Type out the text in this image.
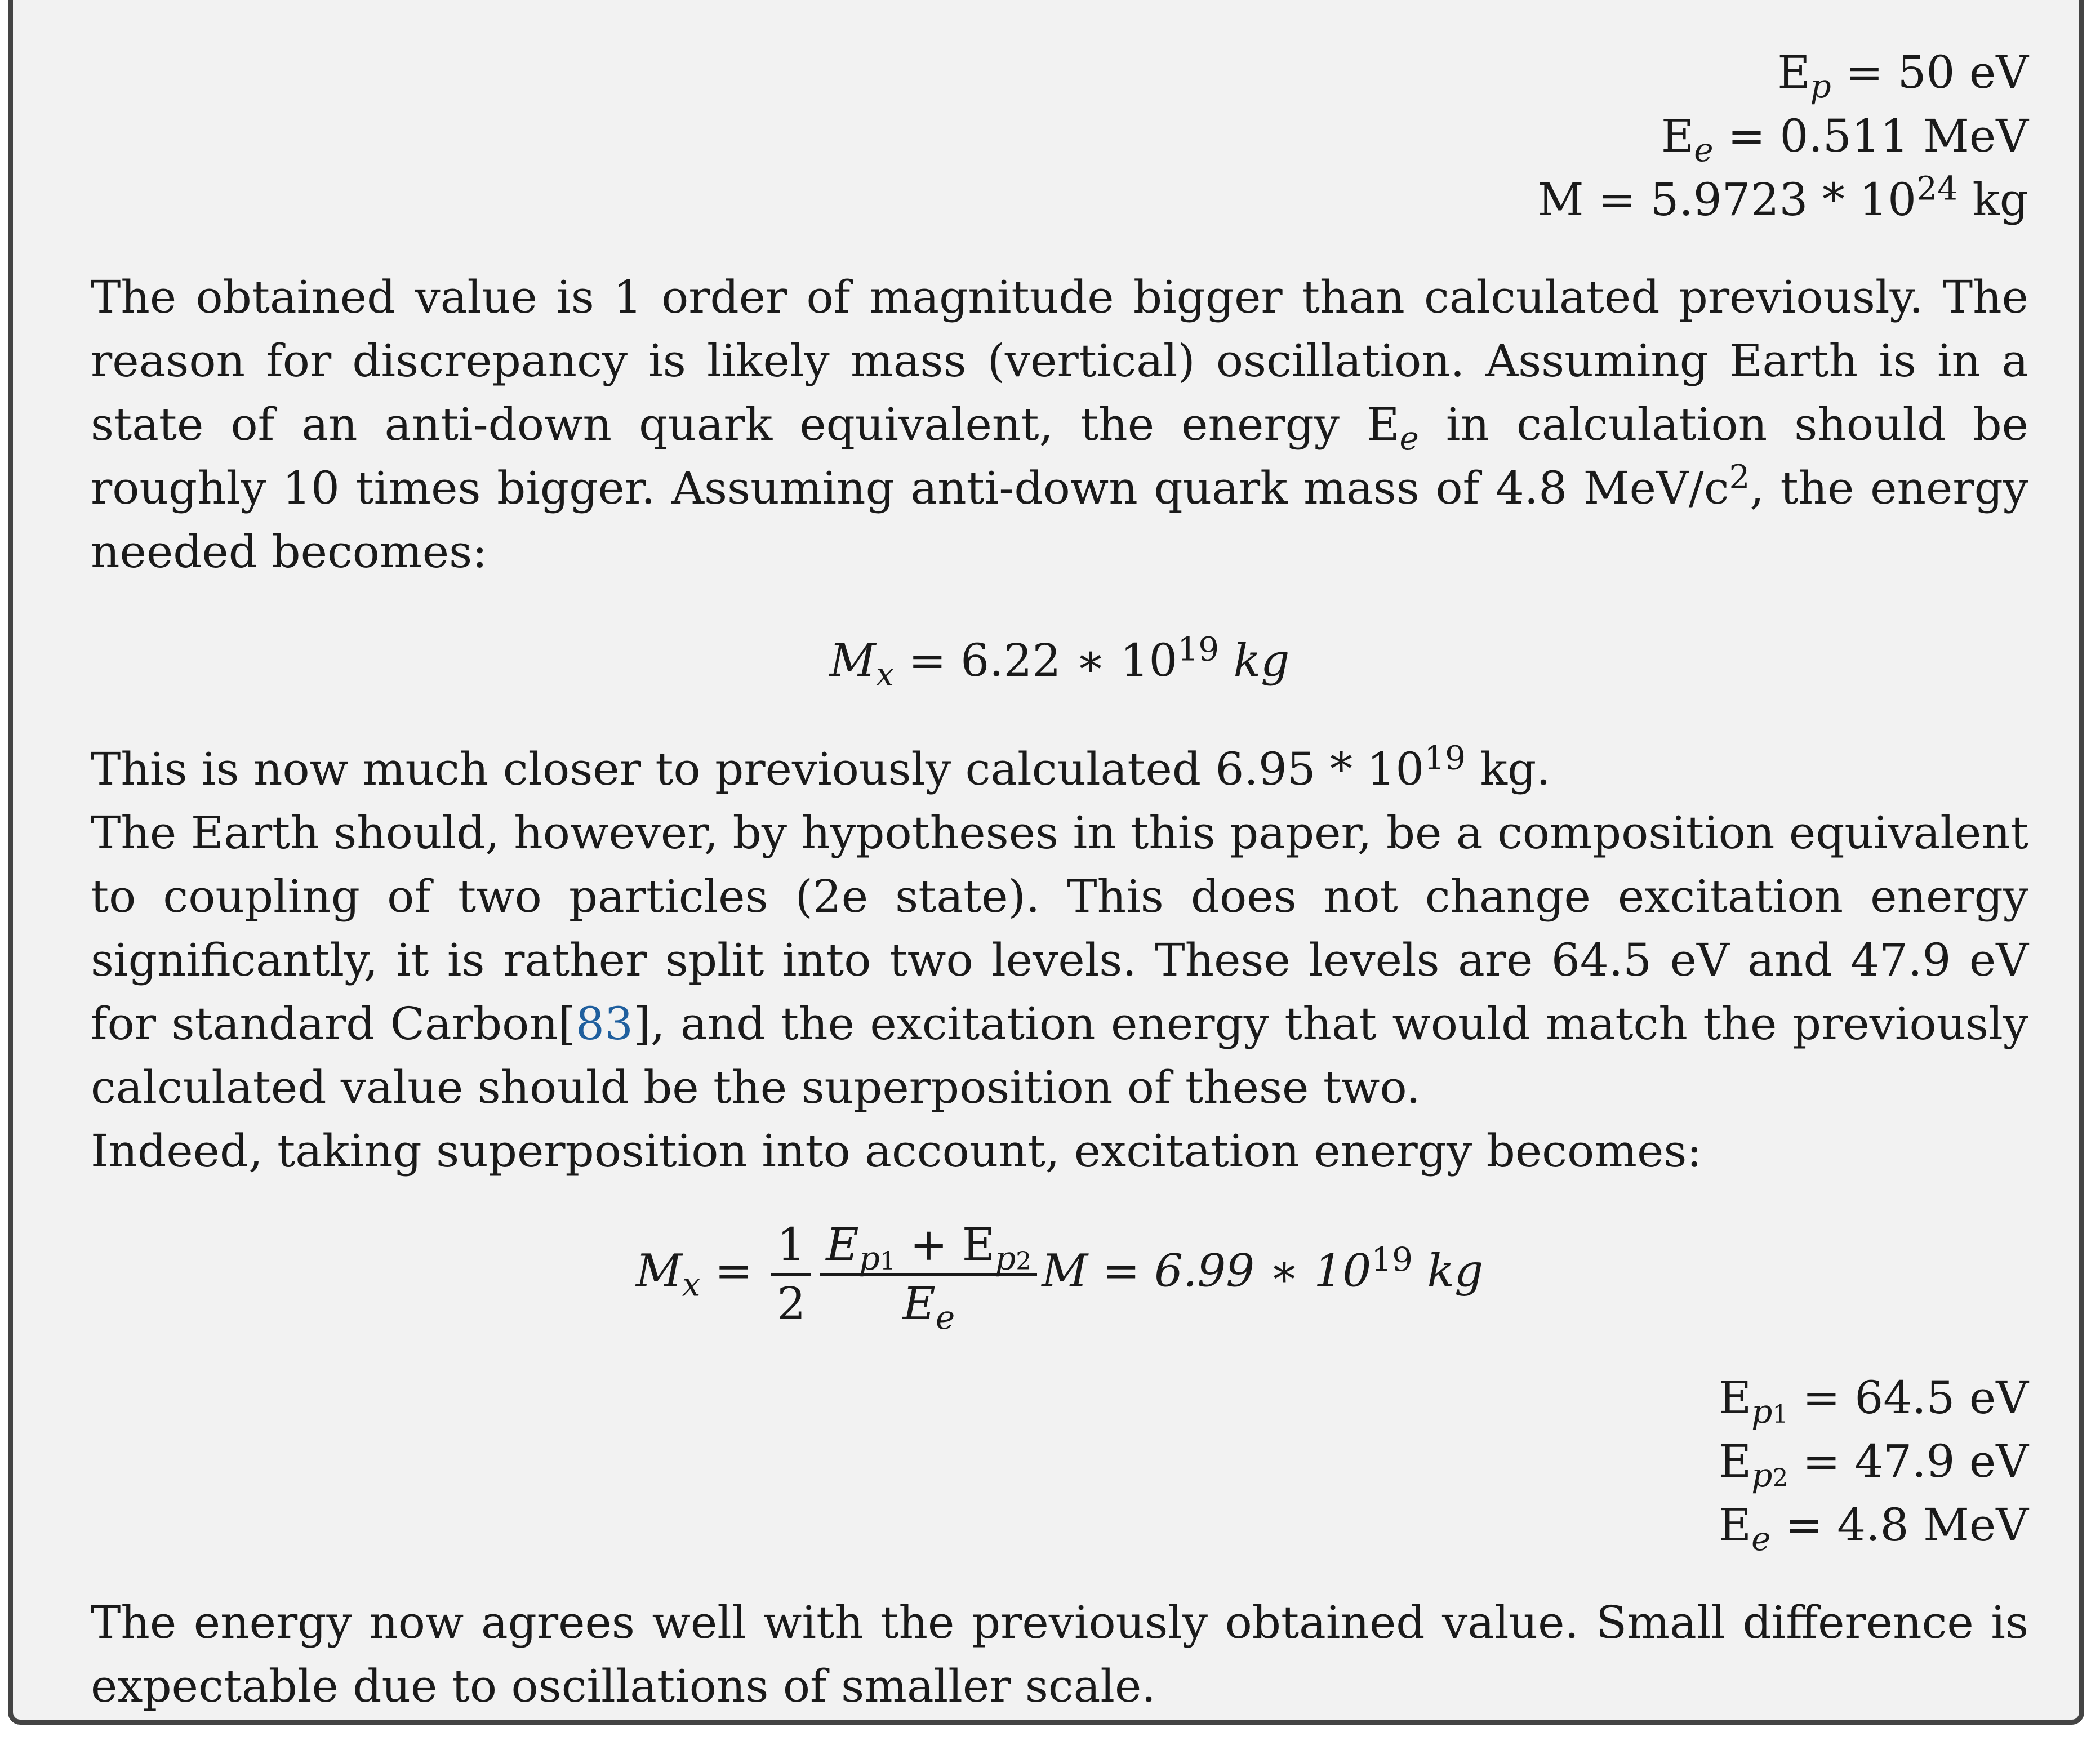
$E_p = 50$ eV
$E_e = 0.511$ MeV
$M = 5.9723 * 10^{24}$ kg
The obtained value is 1 order of magnitude bigger than calculated previously. The reason for discrepancy is likely mass (vertical) oscillation. Assuming Earth is in a state of an anti-down quark equivalent, the energy $E_e$ in calculation should be roughly 10 times bigger. Assuming anti-down quark mass of 4.8 MeV/$c^2$, the energy needed becomes:
$M_x = 6.22$ ∗ $10^{19}$ kg
This is now much closer to previously calculated $6.95 * 10^{19}$ kg.
The Earth should, however, by hypotheses in this paper, be a composition equivalent to coupling of two particles (2e state). This does not change excitation energy significantly, it is rather split into two levels. These levels are 64.5 eV and 47.9 eV for standard Carbon[83], and the excitation energy that would match the previously calculated value should be the superposition of these two.
Indeed, taking superposition into account, excitation energy becomes:
$M_x = \frac{1}{2} \frac{E_{p1} + E_{p2}}{E_e}$ M = 6.99 ∗ $10^{19}$ kg
$E_{p1} = 64.5$ eV
$E_{p2} = 47.9$ eV
$E_e = 4.8$ MeV
The energy now agrees well with the previously obtained value. Small difference is expectable due to oscillations of smaller scale.
